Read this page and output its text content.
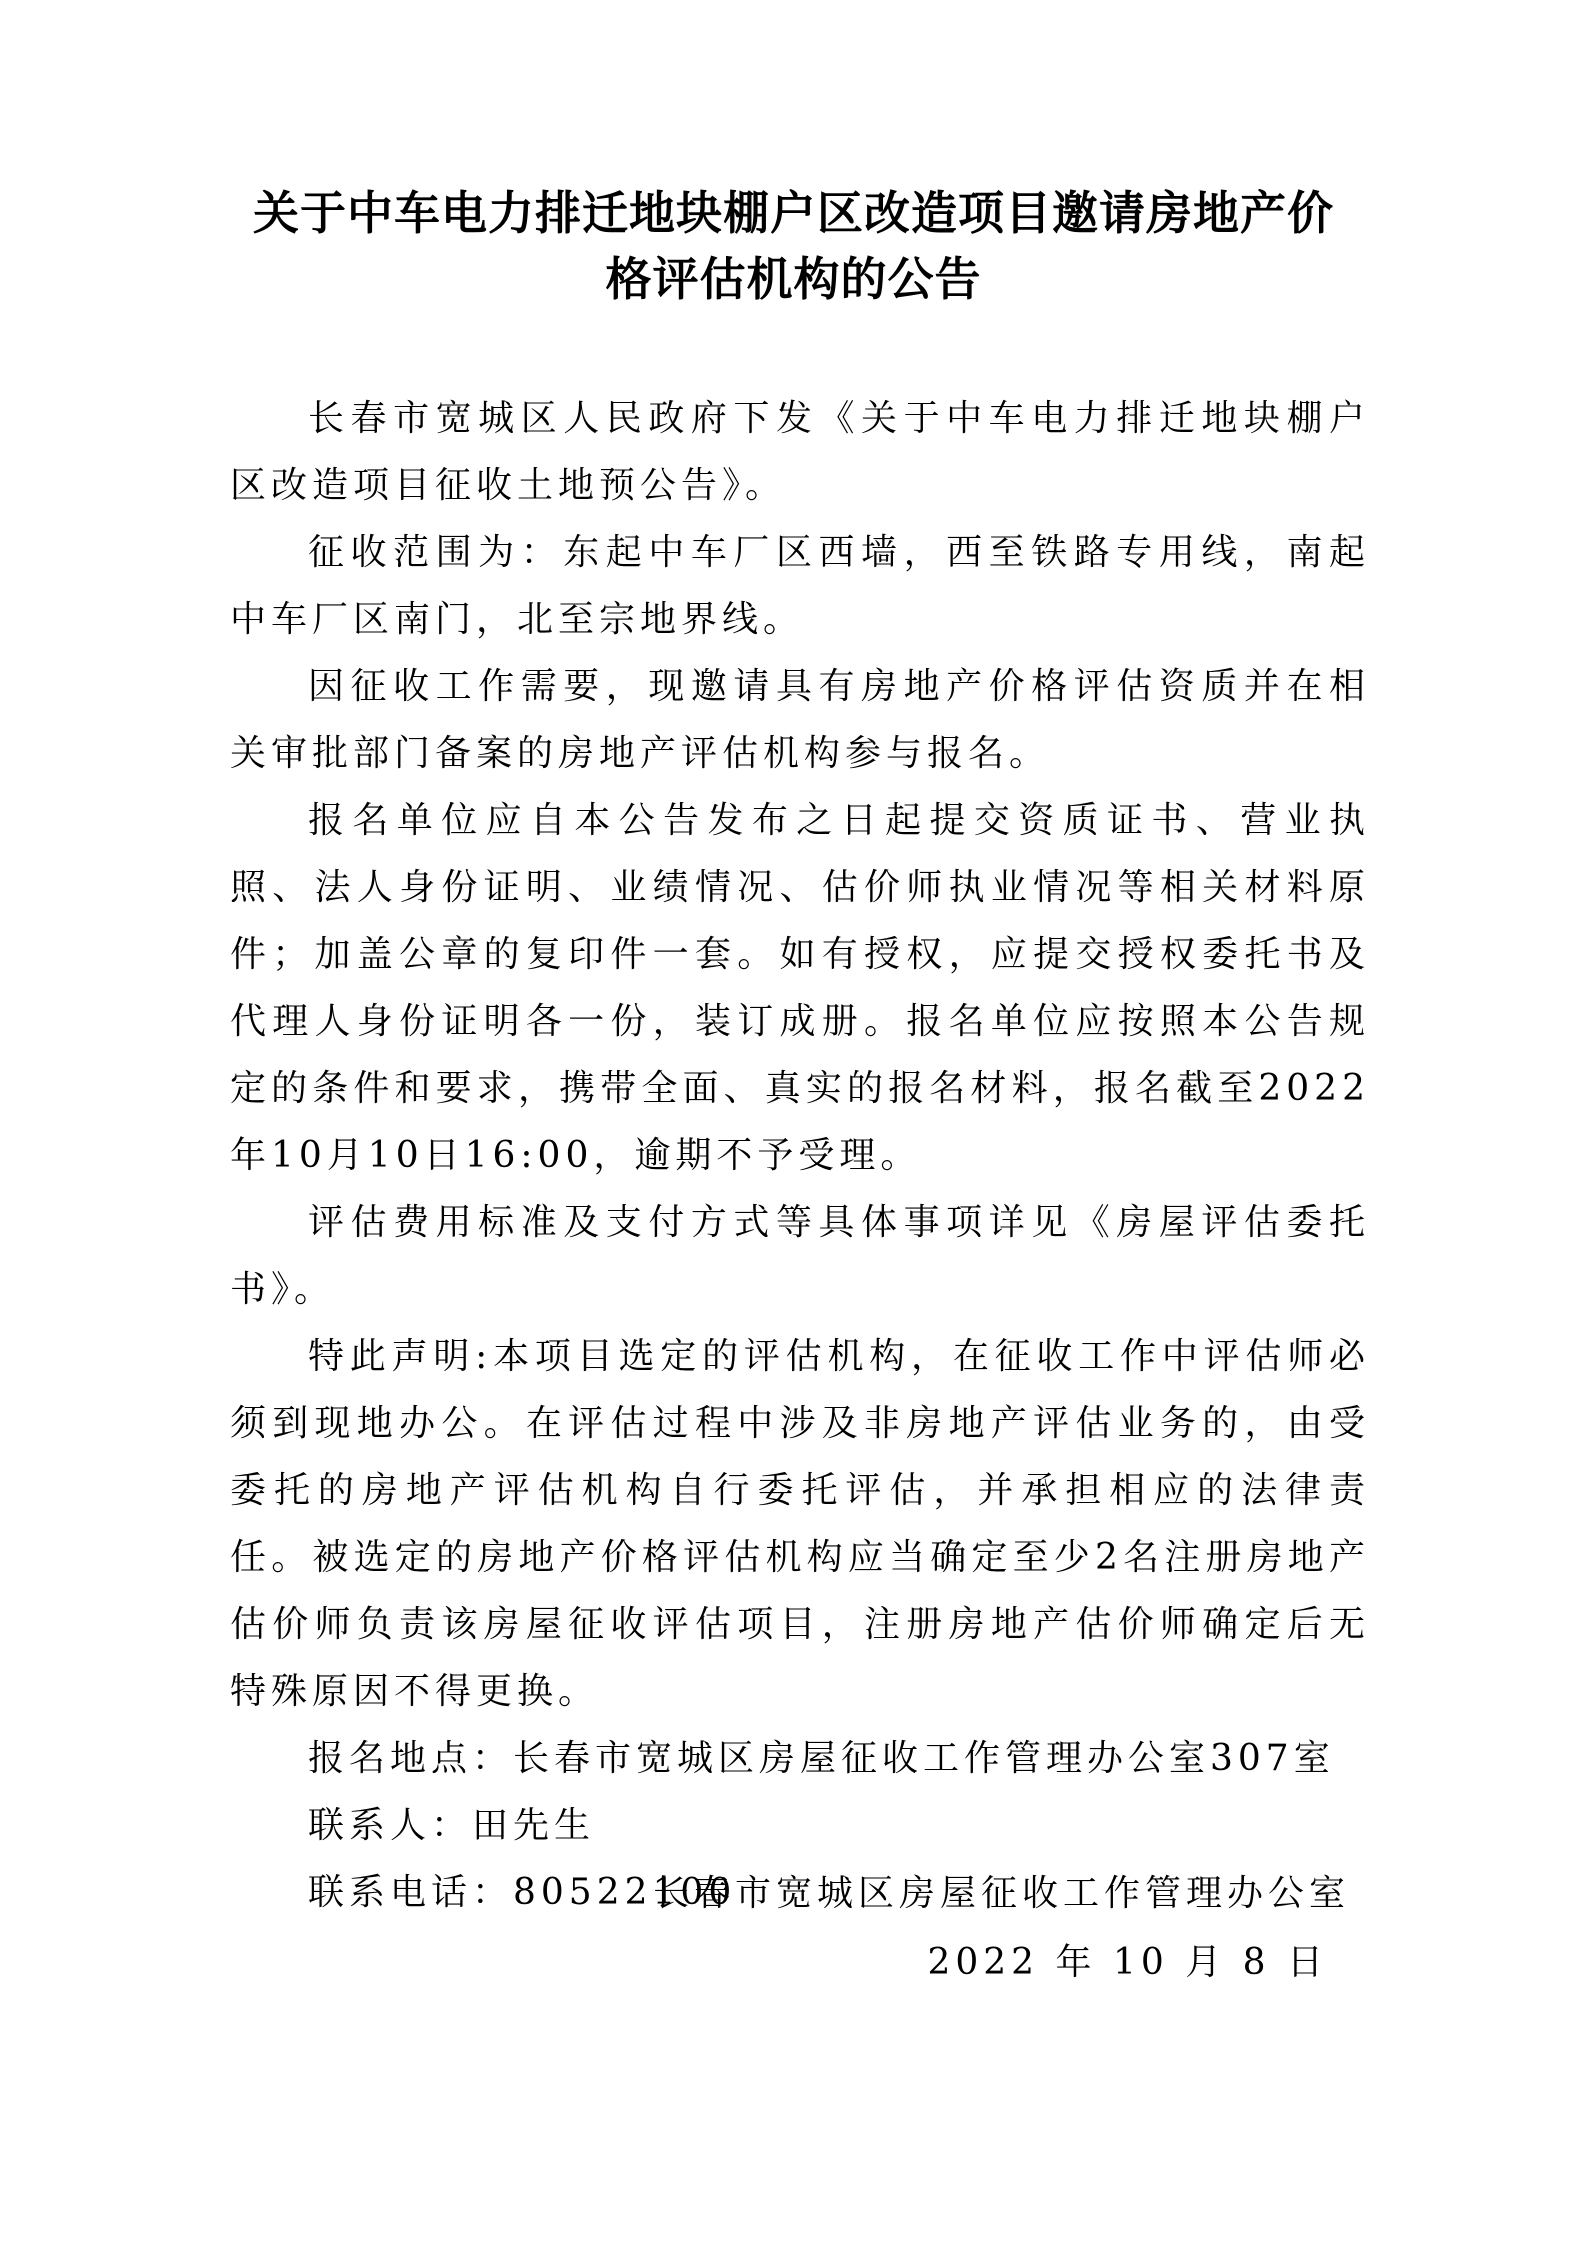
关于中车电力排迁地块棚户区改造项目邀请房地产价
格评估机构的公告

长春市宽城区人民政府下发《关于中车电力排迁地块棚户区改造项目征收土地预公告》。

征收范围为：东起中车厂区西墙，西至铁路专用线，南起中车厂区南门，北至宗地界线。

因征收工作需要，现邀请具有房地产价格评估资质并在相关审批部门备案的房地产评估机构参与报名。

报名单位应自本公告发布之日起提交资质证书、营业执照、法人身份证明、业绩情况、估价师执业情况等相关材料原件；加盖公章的复印件一套。如有授权，应提交授权委托书及代理人身份证明各一份，装订成册。报名单位应按照本公告规定的条件和要求，携带全面、真实的报名材料，报名截至2022年10月10日16:00，逾期不予受理。

评估费用标准及支付方式等具体事项详见《房屋评估委托书》。

特此声明:本项目选定的评估机构，在征收工作中评估师必须到现地办公。在评估过程中涉及非房地产评估业务的，由受委托的房地产评估机构自行委托评估，并承担相应的法律责任。被选定的房地产价格评估机构应当确定至少2名注册房地产估价师负责该房屋征收评估项目，注册房地产估价师确定后无特殊原因不得更换。

报名地点：长春市宽城区房屋征收工作管理办公室307室

联系人：田先生

联系电话：80522100

长春市宽城区房屋征收工作管理办公室
2022 年 10 月 8 日
